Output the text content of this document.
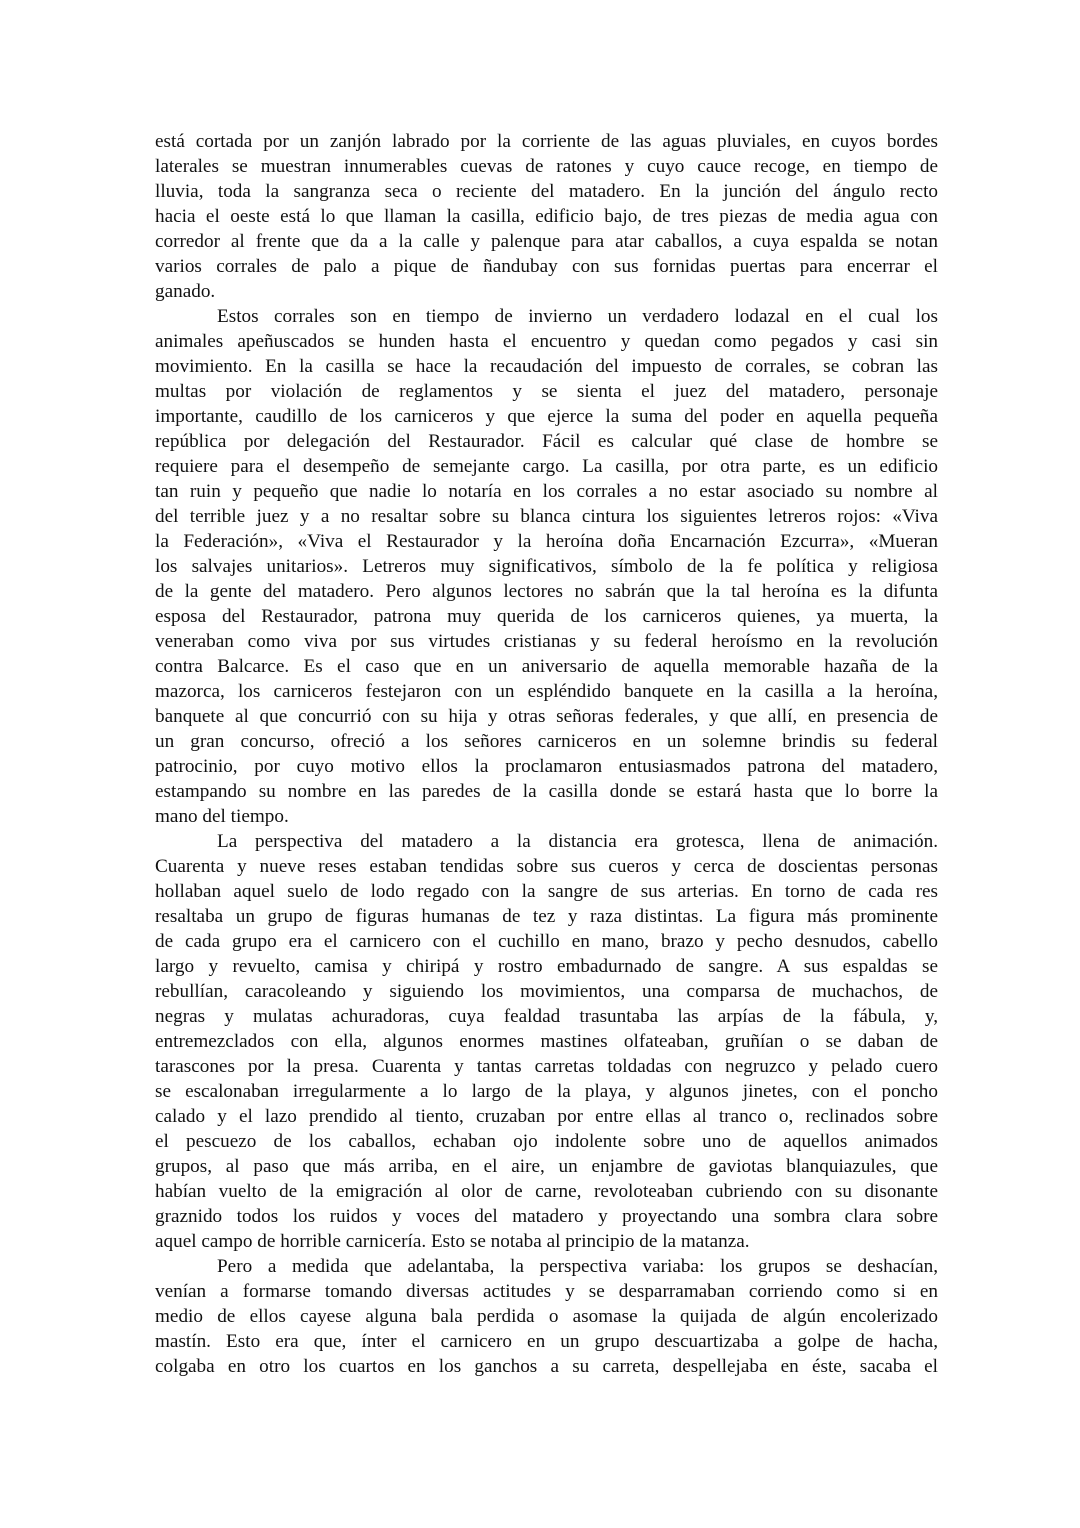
está cortada por un zanjón labrado por la corriente de las aguas pluviales, en cuyos bordes
laterales se muestran innumerables cuevas de ratones y cuyo cauce recoge, en tiempo de
lluvia, toda la sangranza seca o reciente del matadero. En la junción del ángulo recto
hacia el oeste está lo que llaman la casilla, edificio bajo, de tres piezas de media agua con
corredor al frente que da a la calle y palenque para atar caballos, a cuya espalda se notan
varios corrales de palo a pique de ñandubay con sus fornidas puertas para encerrar el
ganado.
Estos corrales son en tiempo de invierno un verdadero lodazal en el cual los
animales apeñuscados se hunden hasta el encuentro y quedan como pegados y casi sin
movimiento. En la casilla se hace la recaudación del impuesto de corrales, se cobran las
multas por violación de reglamentos y se sienta el juez del matadero, personaje
importante, caudillo de los carniceros y que ejerce la suma del poder en aquella pequeña
república por delegación del Restaurador. Fácil es calcular qué clase de hombre se
requiere para el desempeño de semejante cargo. La casilla, por otra parte, es un edificio
tan ruin y pequeño que nadie lo notaría en los corrales a no estar asociado su nombre al
del terrible juez y a no resaltar sobre su blanca cintura los siguientes letreros rojos: «Viva
la Federación», «Viva el Restaurador y la heroína doña Encarnación Ezcurra», «Mueran
los salvajes unitarios». Letreros muy significativos, símbolo de la fe política y religiosa
de la gente del matadero. Pero algunos lectores no sabrán que la tal heroína es la difunta
esposa del Restaurador, patrona muy querida de los carniceros quienes, ya muerta, la
veneraban como viva por sus virtudes cristianas y su federal heroísmo en la revolución
contra Balcarce. Es el caso que en un aniversario de aquella memorable hazaña de la
mazorca, los carniceros festejaron con un espléndido banquete en la casilla a la heroína,
banquete al que concurrió con su hija y otras señoras federales, y que allí, en presencia de
un gran concurso, ofreció a los señores carniceros en un solemne brindis su federal
patrocinio, por cuyo motivo ellos la proclamaron entusiasmados patrona del matadero,
estampando su nombre en las paredes de la casilla donde se estará hasta que lo borre la
mano del tiempo.
La perspectiva del matadero a la distancia era grotesca, llena de animación.
Cuarenta y nueve reses estaban tendidas sobre sus cueros y cerca de doscientas personas
hollaban aquel suelo de lodo regado con la sangre de sus arterias. En torno de cada res
resaltaba un grupo de figuras humanas de tez y raza distintas. La figura más prominente
de cada grupo era el carnicero con el cuchillo en mano, brazo y pecho desnudos, cabello
largo y revuelto, camisa y chiripá y rostro embadurnado de sangre. A sus espaldas se
rebullían, caracoleando y siguiendo los movimientos, una comparsa de muchachos, de
negras y mulatas achuradoras, cuya fealdad trasuntaba las arpías de la fábula, y,
entremezclados con ella, algunos enormes mastines olfateaban, gruñían o se daban de
tarascones por la presa. Cuarenta y tantas carretas toldadas con negruzco y pelado cuero
se escalonaban irregularmente a lo largo de la playa, y algunos jinetes, con el poncho
calado y el lazo prendido al tiento, cruzaban por entre ellas al tranco o, reclinados sobre
el pescuezo de los caballos, echaban ojo indolente sobre uno de aquellos animados
grupos, al paso que más arriba, en el aire, un enjambre de gaviotas blanquiazules, que
habían vuelto de la emigración al olor de carne, revoloteaban cubriendo con su disonante
graznido todos los ruidos y voces del matadero y proyectando una sombra clara sobre
aquel campo de horrible carnicería. Esto se notaba al principio de la matanza.
Pero a medida que adelantaba, la perspectiva variaba: los grupos se deshacían,
venían a formarse tomando diversas actitudes y se desparramaban corriendo como si en
medio de ellos cayese alguna bala perdida o asomase la quijada de algún encolerizado
mastín. Esto era que, ínter el carnicero en un grupo descuartizaba a golpe de hacha,
colgaba en otro los cuartos en los ganchos a su carreta, despellejaba en éste, sacaba el
